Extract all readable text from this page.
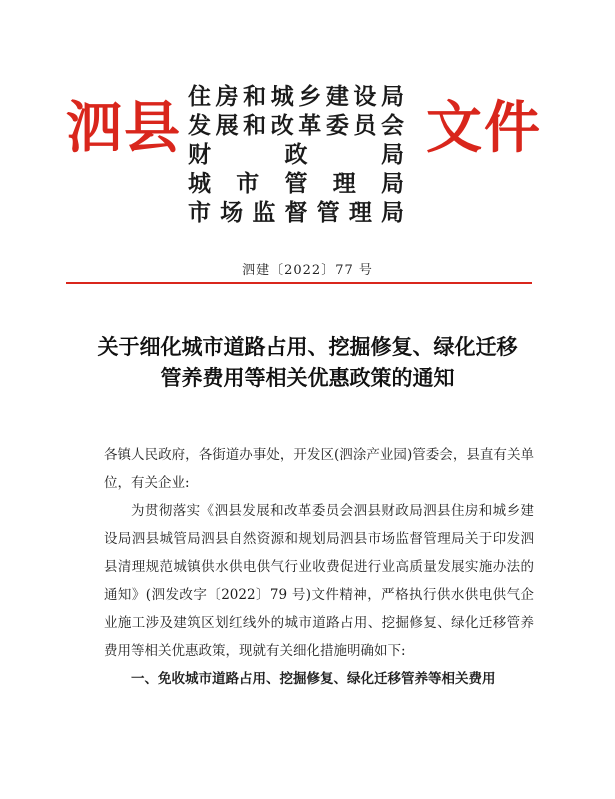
泗县 住房和城乡建设局
发展和改革委员会
财政局
城市管理局
市场监督管理局
文件
泗建〔2022〕77 号
关于细化城市道路占用、挖掘修复、绿化迁移
管养费用等相关优惠政策的通知

各镇人民政府，各街道办事处，开发区(泗涂产业园)管委会，县直有关单位，有关企业:

为贯彻落实《泗县发展和改革委员会泗县财政局泗县住房和城乡建设局泗县城管局泗县自然资源和规划局泗县市场监督管理局关于印发泗县清理规范城镇供水供电供气行业收费促进行业高质量发展实施办法的通知》(泗发改字〔2022〕79 号)文件精神，严格执行供水供电供气企业施工涉及建筑区划红线外的城市道路占用、挖掘修复、绿化迁移管养费用等相关优惠政策，现就有关细化措施明确如下:

一、免收城市道路占用、挖掘修复、绿化迁移管养等相关费用
